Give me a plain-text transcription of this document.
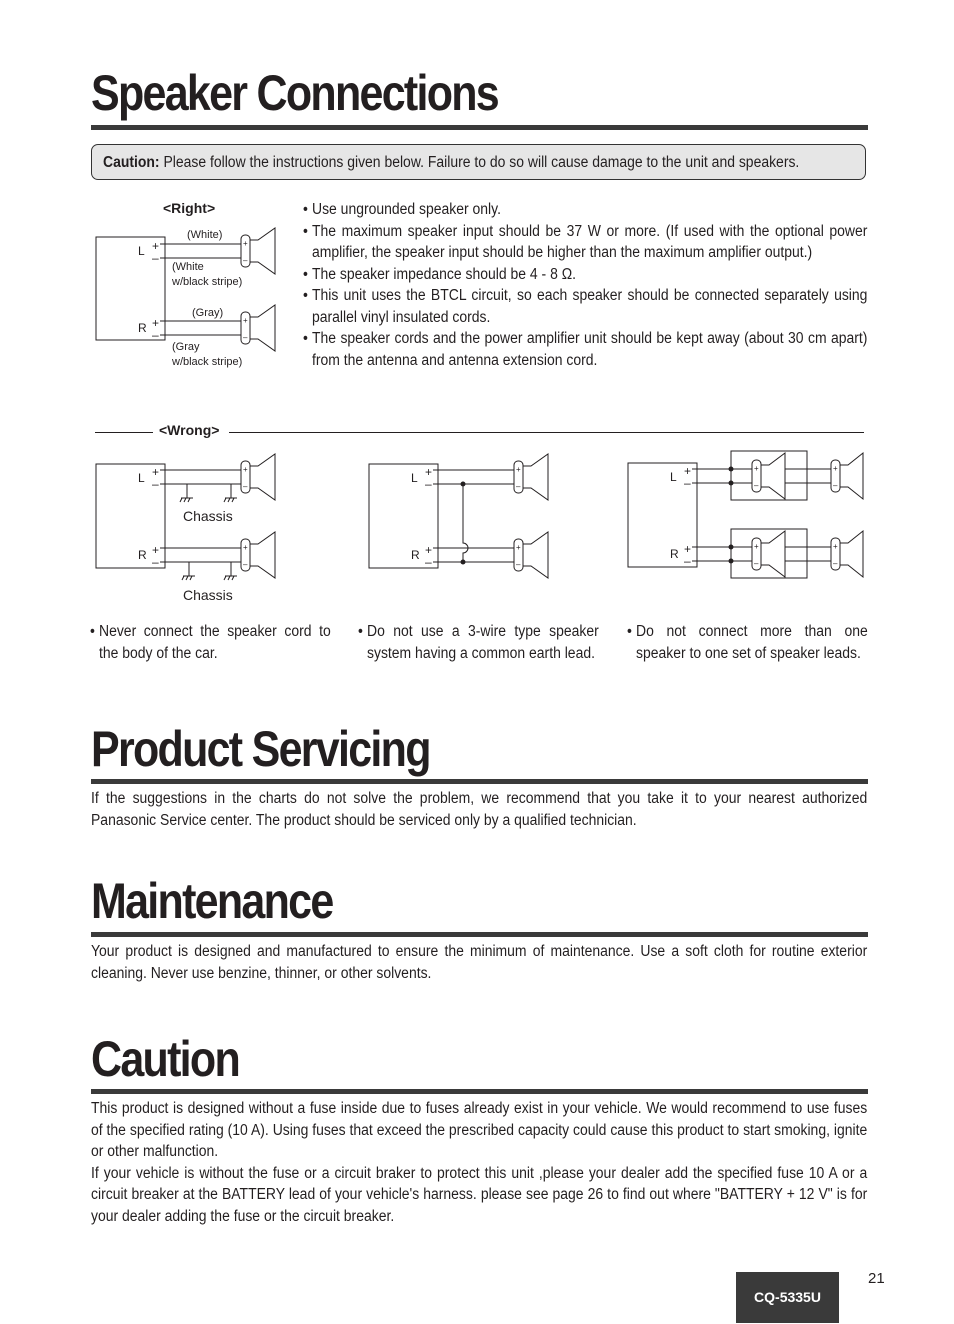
Speaker Connections
Caution: Please follow the instructions given below. Failure to do so will cause damage to the unit and speakers.
<Right>
L +
–
+
–
(White)
(White
w/black stripe)
R +
–
+
–
(Gray)
(Gray
w/black stripe)
• Use ungrounded speaker only.
• The maximum speaker input should be 37 W or more. (If used with the optional power amplifier, the speaker input should be higher than the maximum amplifier output.)
• The speaker impedance should be 4 - 8 Ω.
• This unit uses the BTCL circuit, so each speaker should be connected separately using parallel vinyl insulated cords.
• The speaker cords and the power amplifier unit should be kept away (about 30 cm apart) from the antenna and antenna extension cord.
<Wrong>
L +
–
+
–
Chassis
R +
–
+
–
Chassis
L +
–
R +
–
+
–
+
–
L +
–
+
–
+
–
R +
–
+
–
+
–
• Never connect the speaker cord to the body of the car.
• Do not use a 3-wire type speaker system having a common earth lead.
• Do not connect more than one speaker to one set of speaker leads.
Product Servicing
If the suggestions in the charts do not solve the problem, we recommend that you take it to your nearest authorized Panasonic Service center. The product should be serviced only by a qualified technician.
Maintenance
Your product is designed and manufactured to ensure the minimum of maintenance. Use a soft cloth for routine exterior cleaning. Never use benzine, thinner, or other solvents.
Caution
This product is designed without a fuse inside due to fuses already exist in your vehicle. We would recommend to use fuses of the specified rating (10 A). Using fuses that exceed the prescribed capacity could cause this product to start smoking, ignite or other malfunction.
If your vehicle is without the fuse or a circuit braker to protect this unit ,please your dealer add the specified fuse 10 A or a circuit breaker at the BATTERY lead of your vehicle's harness. please see page 26 to find out where "BATTERY + 12 V" is for your dealer adding the fuse or the circuit breaker.
21
CQ-5335U
